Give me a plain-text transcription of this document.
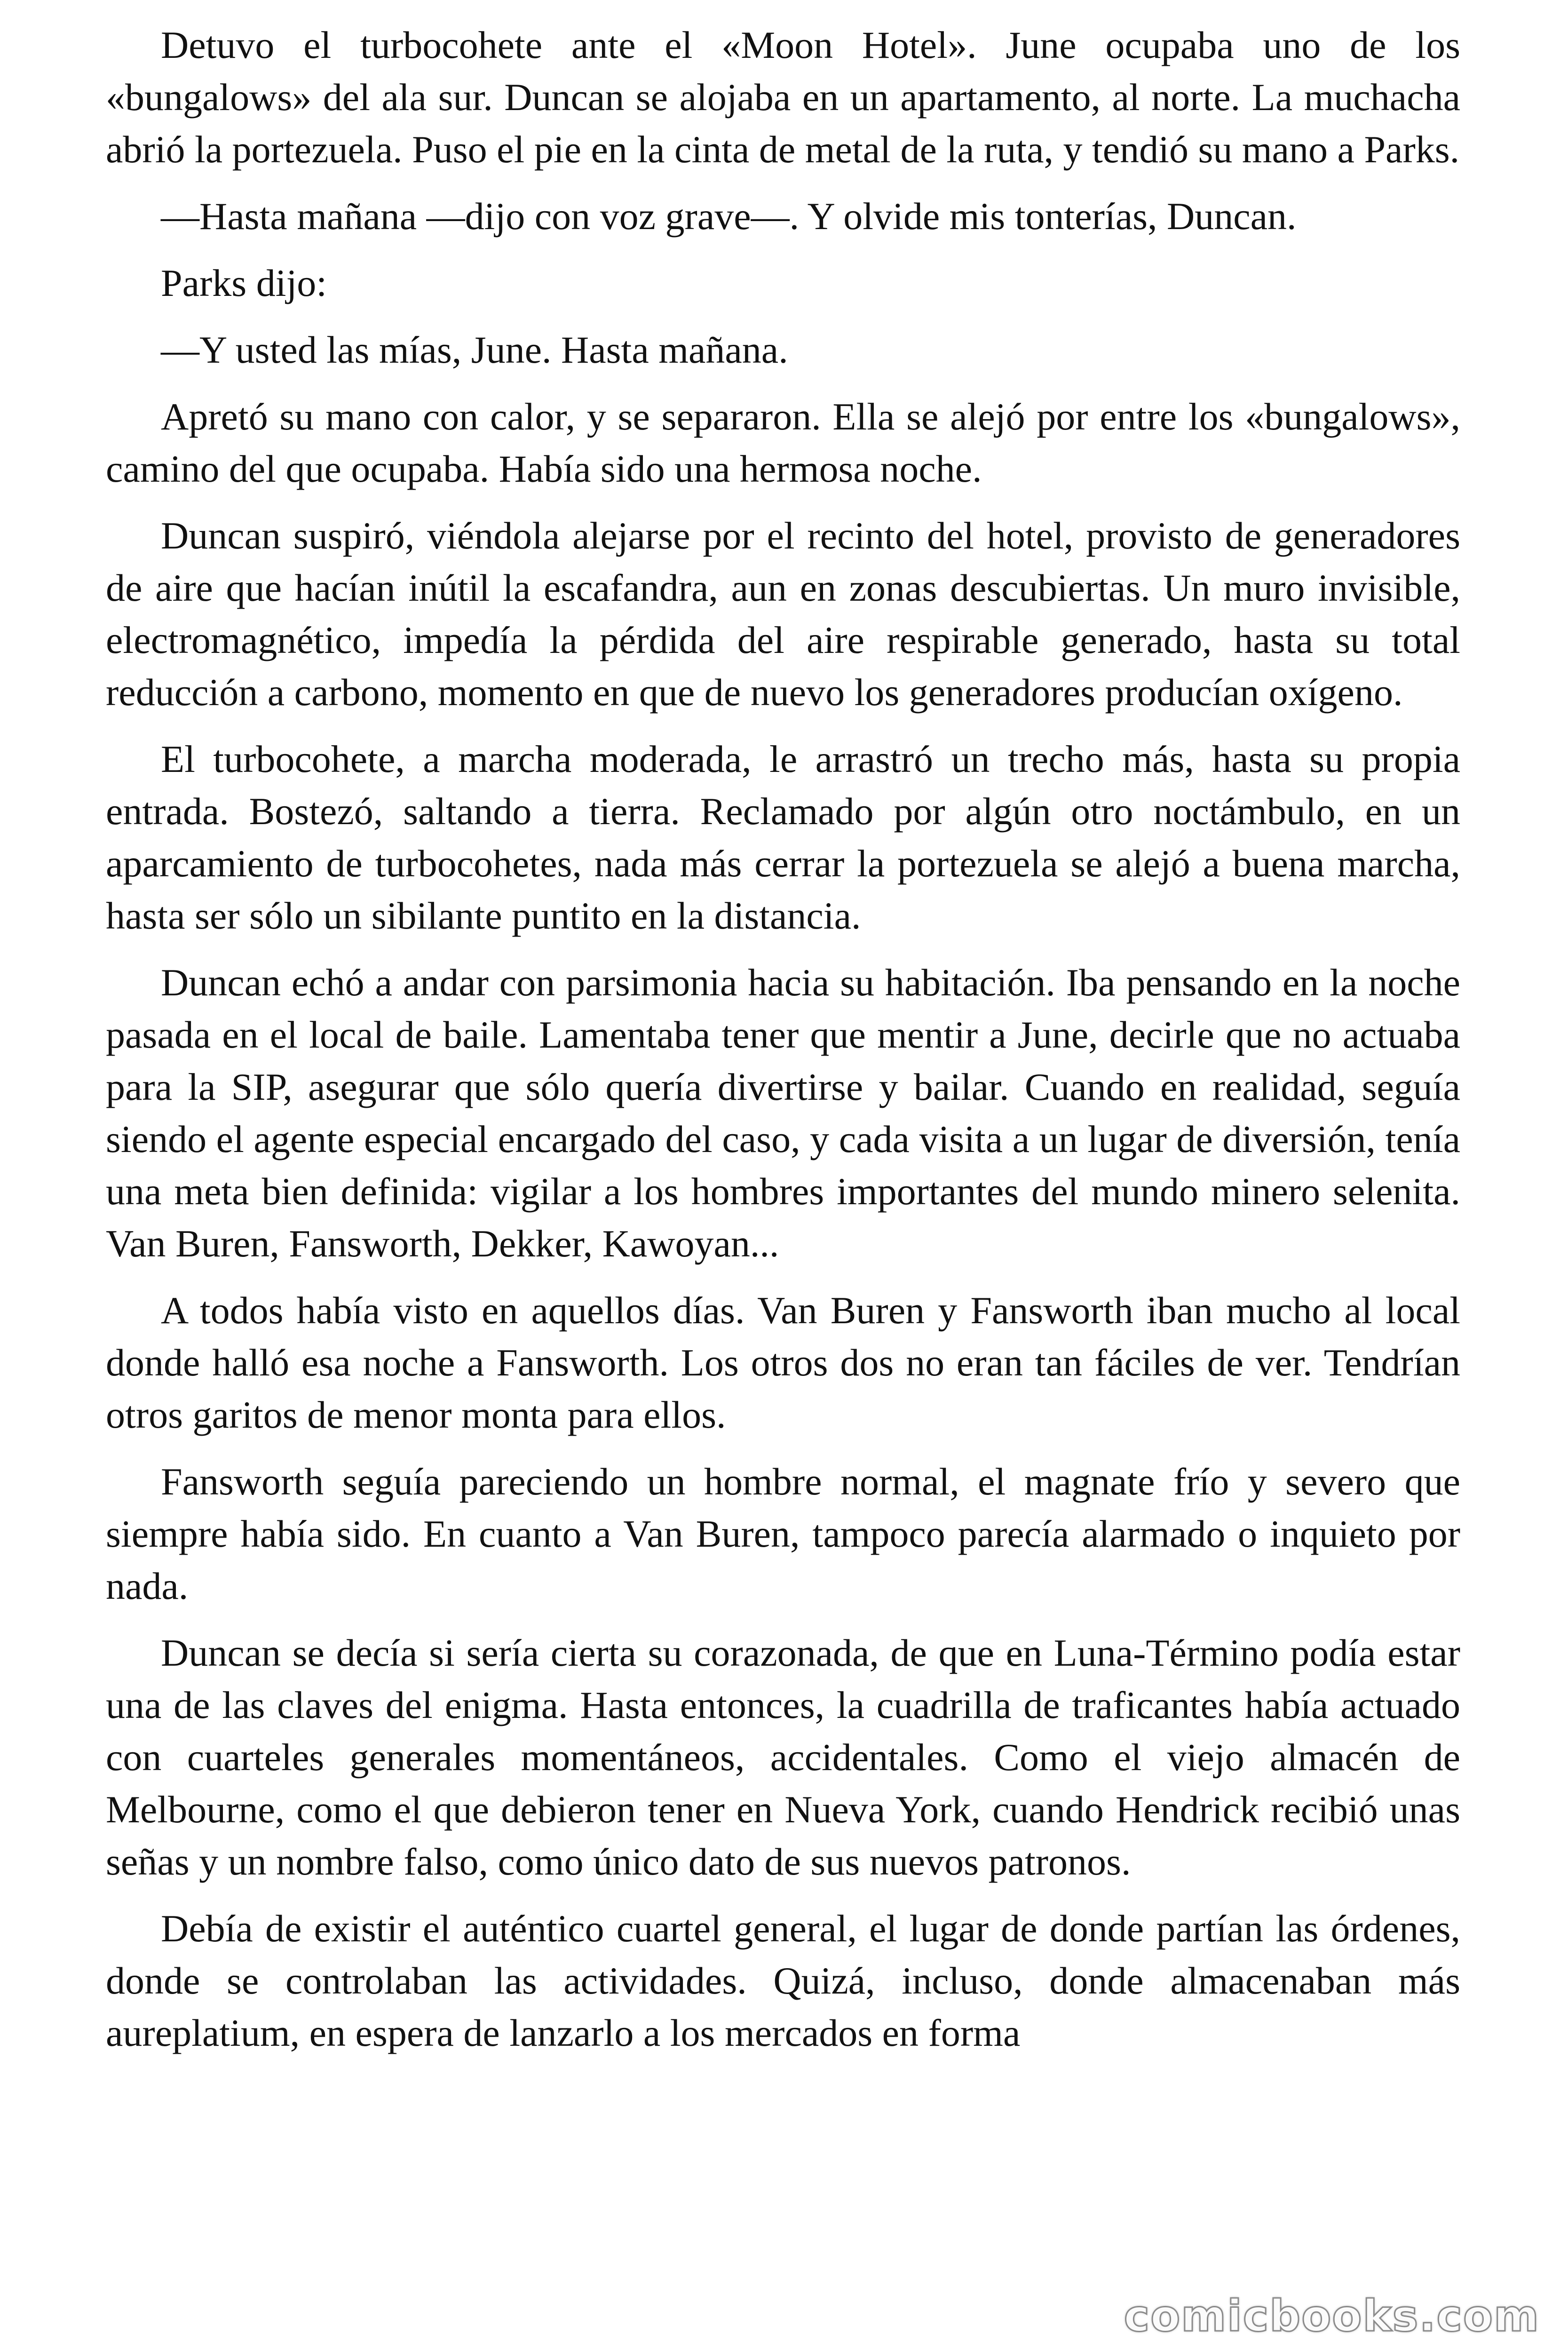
Detuvo el turbocohete ante el «Moon Hotel». June ocupaba uno de los «bungalows» del ala sur. Duncan se alojaba en un apartamento, al norte. La muchacha abrió la portezuela. Puso el pie en la cinta de metal de la ruta, y tendió su mano a Parks.

—Hasta mañana —dijo con voz grave—. Y olvide mis tonterías, Duncan.

Parks dijo:

—Y usted las mías, June. Hasta mañana.

Apretó su mano con calor, y se separaron. Ella se alejó por entre los «bungalows», camino del que ocupaba. Había sido una hermosa noche.

Duncan suspiró, viéndola alejarse por el recinto del hotel, provisto de generadores de aire que hacían inútil la escafandra, aun en zonas descubiertas. Un muro invisible, electromagnético, impedía la pérdida del aire respirable generado, hasta su total reducción a carbono, momento en que de nuevo los generadores producían oxígeno.

El turbocohete, a marcha moderada, le arrastró un trecho más, hasta su propia entrada. Bostezó, saltando a tierra. Reclamado por algún otro noctámbulo, en un aparcamiento de turbocohetes, nada más cerrar la portezuela se alejó a buena marcha, hasta ser sólo un sibilante puntito en la distancia.

Duncan echó a andar con parsimonia hacia su habitación. Iba pensando en la noche pasada en el local de baile. Lamentaba tener que mentir a June, decirle que no actuaba para la SIP, asegurar que sólo quería divertirse y bailar. Cuando en realidad, seguía siendo el agente especial encargado del caso, y cada visita a un lugar de diversión, tenía una meta bien definida: vigilar a los hombres importantes del mundo minero selenita. Van Buren, Fansworth, Dekker, Kawoyan...

A todos había visto en aquellos días. Van Buren y Fansworth iban mucho al local donde halló esa noche a Fansworth. Los otros dos no eran tan fáciles de ver. Tendrían otros garitos de menor monta para ellos.

Fansworth seguía pareciendo un hombre normal, el magnate frío y severo que siempre había sido. En cuanto a Van Buren, tampoco parecía alarmado o inquieto por nada.

Duncan se decía si sería cierta su corazonada, de que en Luna-Término podía estar una de las claves del enigma. Hasta entonces, la cuadrilla de traficantes había actuado con cuarteles generales momentáneos, accidentales. Como el viejo almacén de Melbourne, como el que debieron tener en Nueva York, cuando Hendrick recibió unas señas y un nombre falso, como único dato de sus nuevos patronos.

Debía de existir el auténtico cuartel general, el lugar de donde partían las órdenes, donde se controlaban las actividades. Quizá, incluso, donde almacenaban más aureplatium, en espera de lanzarlo a los mercados en forma

comicbooks.com
